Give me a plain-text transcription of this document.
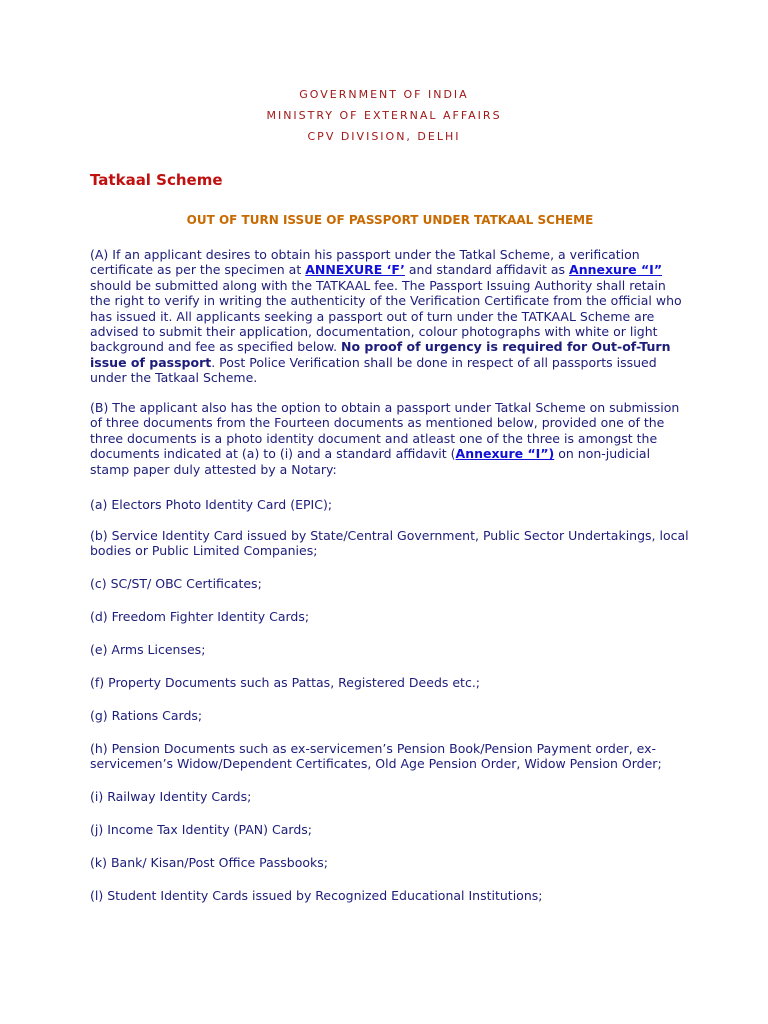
GOVERNMENT OF INDIA
MINISTRY OF EXTERNAL AFFAIRS
CPV DIVISION, DELHI
Tatkaal Scheme
OUT OF TURN ISSUE OF PASSPORT UNDER TATKAAL SCHEME
(A) If an applicant desires to obtain his passport under the Tatkal Scheme, a verification certificate as per the specimen at ANNEXURE ‘F’ and standard affidavit as Annexure “I” should be submitted along with the TATKAAL fee. The Passport Issuing Authority shall retain the right to verify in writing the authenticity of the Verification Certificate from the official who has issued it. All applicants seeking a passport out of turn under the TATKAAL Scheme are advised to submit their application, documentation, colour photographs with white or light background and fee as specified below. No proof of urgency is required for Out-of-Turn issue of passport. Post Police Verification shall be done in respect of all passports issued under the Tatkaal Scheme.
(B) The applicant also has the option to obtain a passport under Tatkal Scheme on submission of three documents from the Fourteen documents as mentioned below, provided one of the three documents is a photo identity document and atleast one of the three is amongst the documents indicated at (a) to (i) and a standard affidavit (Annexure “I”) on non-judicial stamp paper duly attested by a Notary:
(a) Electors Photo Identity Card (EPIC);
(b) Service Identity Card issued by State/Central Government, Public Sector Undertakings, local bodies or Public Limited Companies;
(c) SC/ST/ OBC Certificates;
(d) Freedom Fighter Identity Cards;
(e) Arms Licenses;
(f) Property Documents such as Pattas, Registered Deeds etc.;
(g) Rations Cards;
(h) Pension Documents such as ex-servicemen’s Pension Book/Pension Payment order, ex-servicemen’s Widow/Dependent Certificates, Old Age Pension Order, Widow Pension Order;
(i) Railway Identity Cards;
(j) Income Tax Identity (PAN) Cards;
(k) Bank/ Kisan/Post Office Passbooks;
(l) Student Identity Cards issued by Recognized Educational Institutions;
